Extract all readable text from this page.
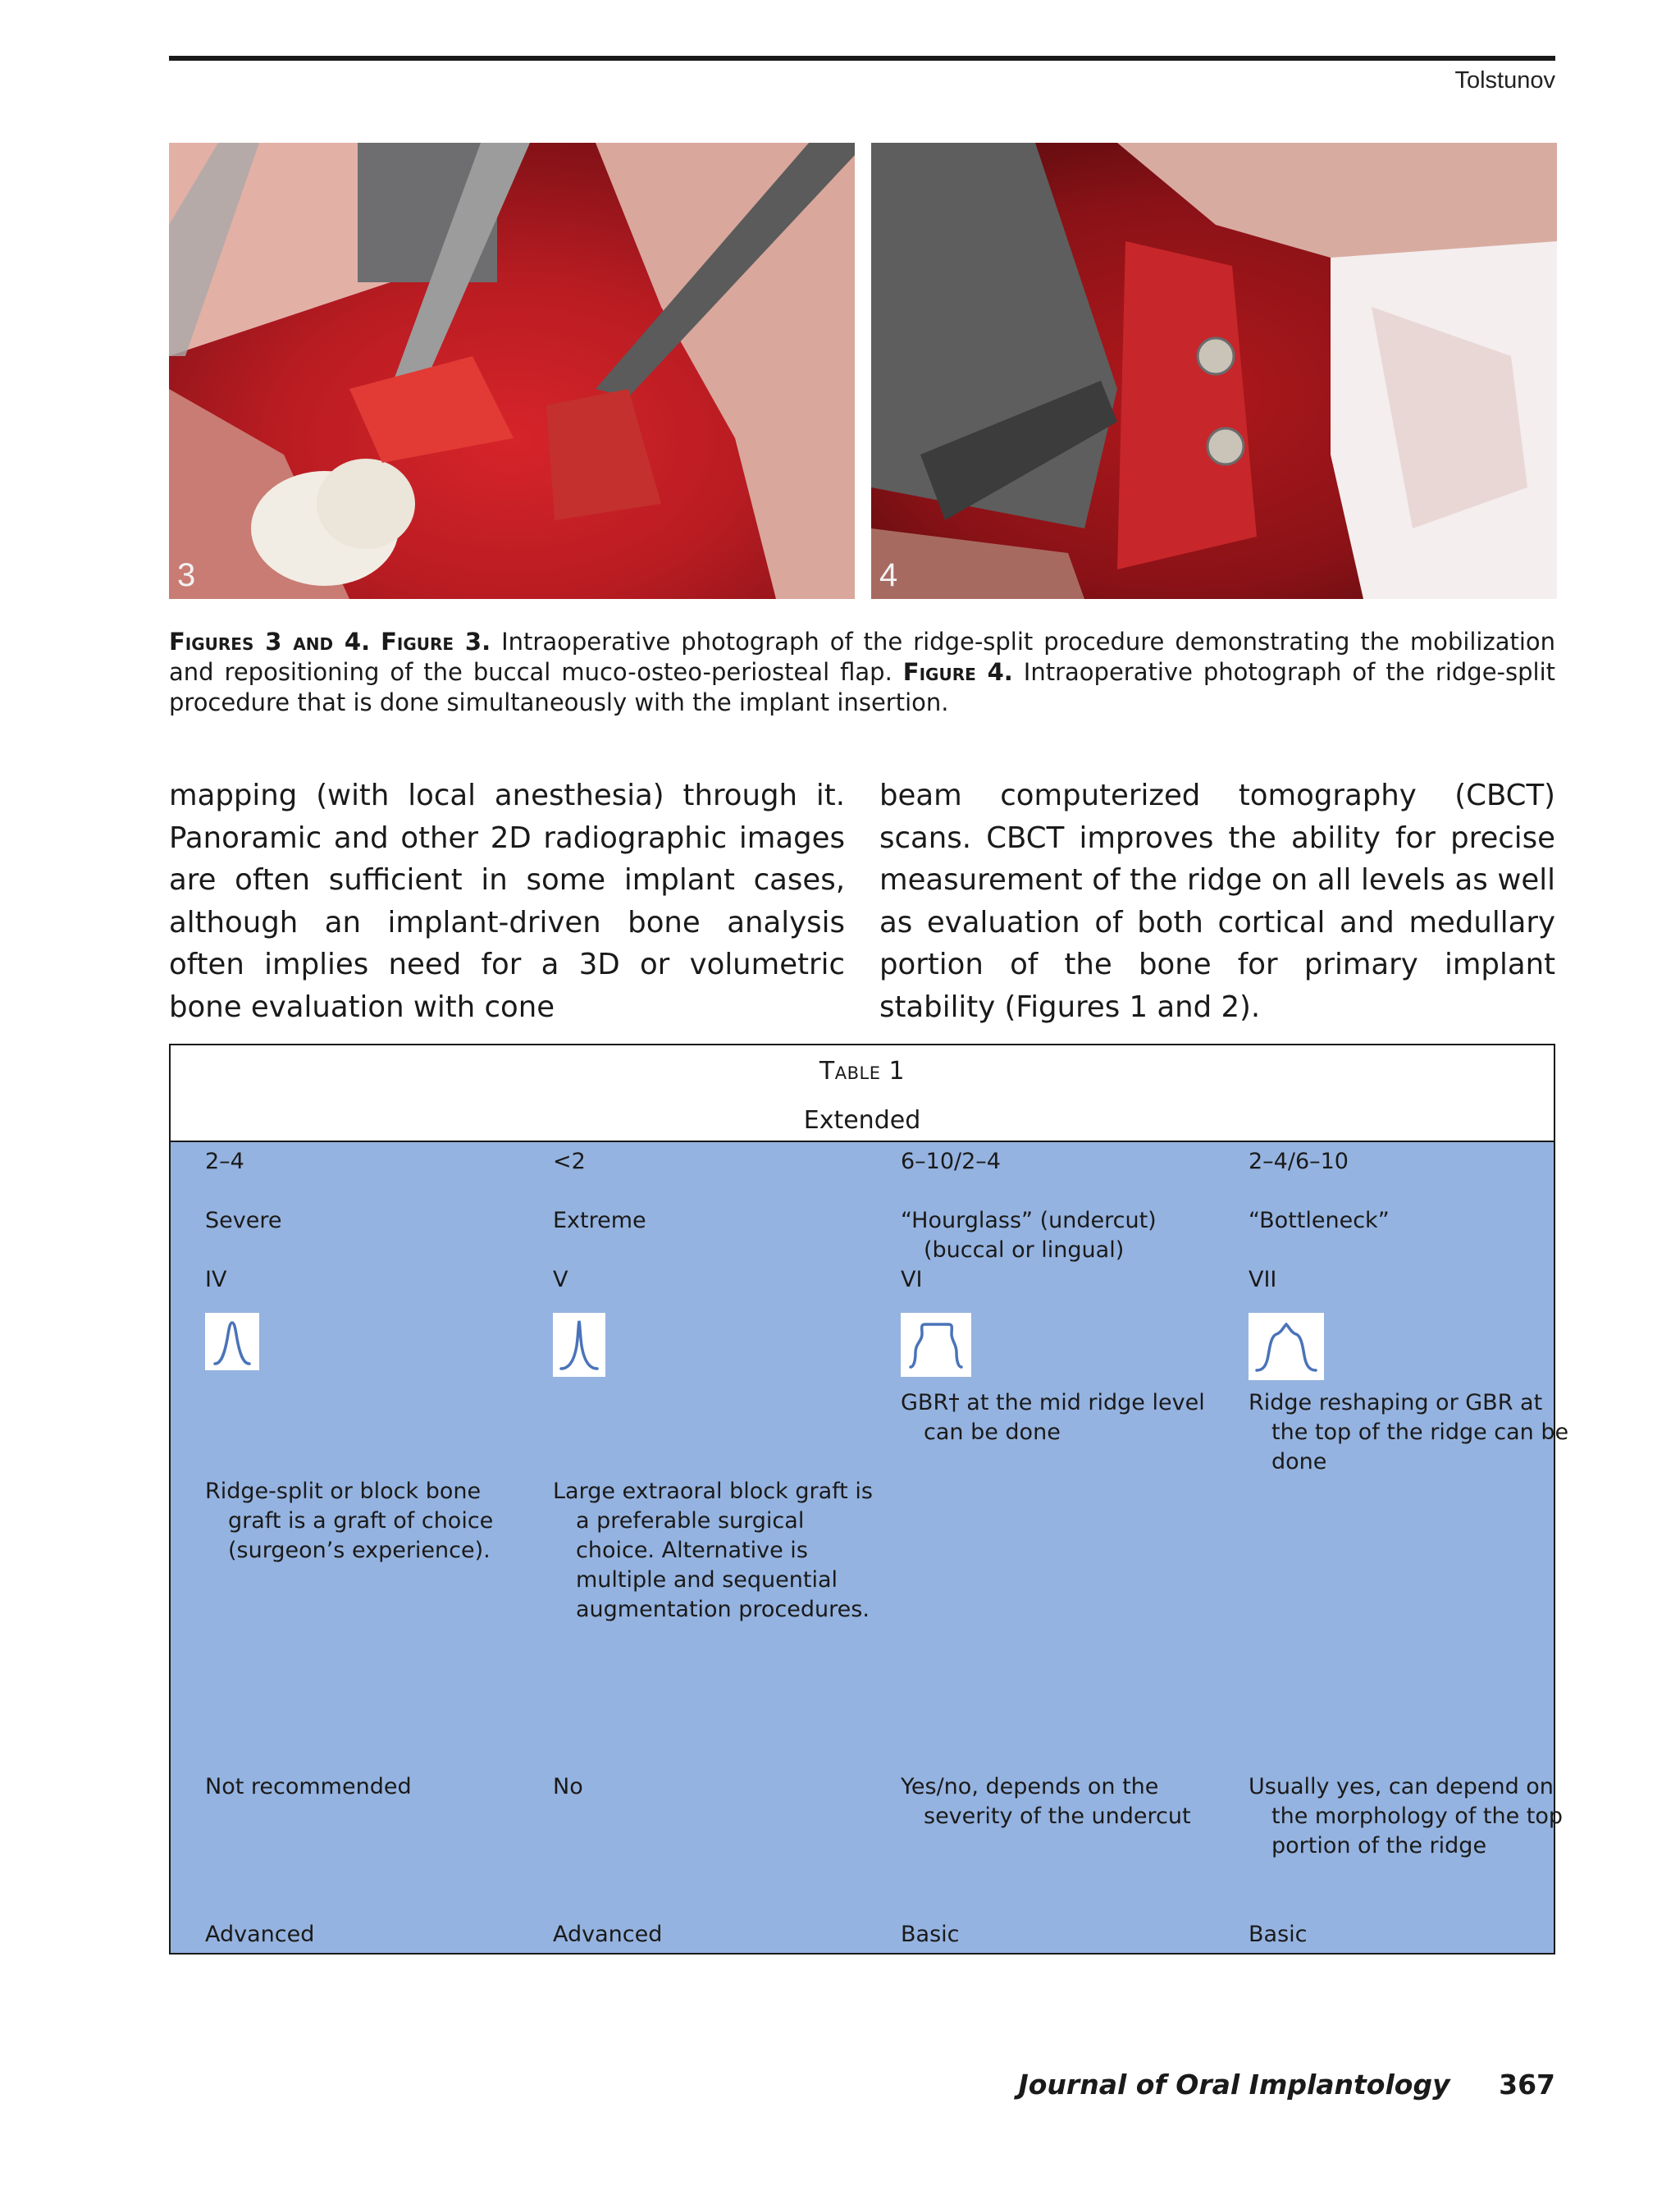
Tolstunov
3	4
Figures 3 and 4. Figure 3. Intraoperative photograph of the ridge-split procedure demonstrating the mobilization and repositioning of the buccal muco-osteo-periosteal flap. Figure 4. Intraoperative photograph of the ridge-split procedure that is done simultaneously with the implant insertion.
mapping (with local anesthesia) through it. Panoramic and other 2D radiographic images are often sufficient in some implant cases, although an implant-driven bone analysis often implies need for a 3D or volumetric bone evaluation with cone
beam computerized tomography (CBCT) scans. CBCT improves the ability for precise measurement of the ridge on all levels as well as evaluation of both cortical and medullary portion of the bone for primary implant stability (Figures 1 and 2).
Table 1
Extended
2–4
Severe
IV
Ridge-split or block bone graft is a graft of choice (surgeon’s experience).
Not recommended
Advanced
<2
Extreme
V
Large extraoral block graft is a preferable surgical choice. Alternative is multiple and sequential augmentation procedures.
No
Advanced
6–10/2–4
“Hourglass” (undercut) (buccal or lingual)
VI
GBR† at the mid ridge level can be done
Yes/no, depends on the severity of the undercut
Basic
2–4/6–10
“Bottleneck”
VII
Ridge reshaping or GBR at the top of the ridge can be done
Usually yes, can depend on the morphology of the top portion of the ridge
Basic
Journal of Oral Implantology 367
